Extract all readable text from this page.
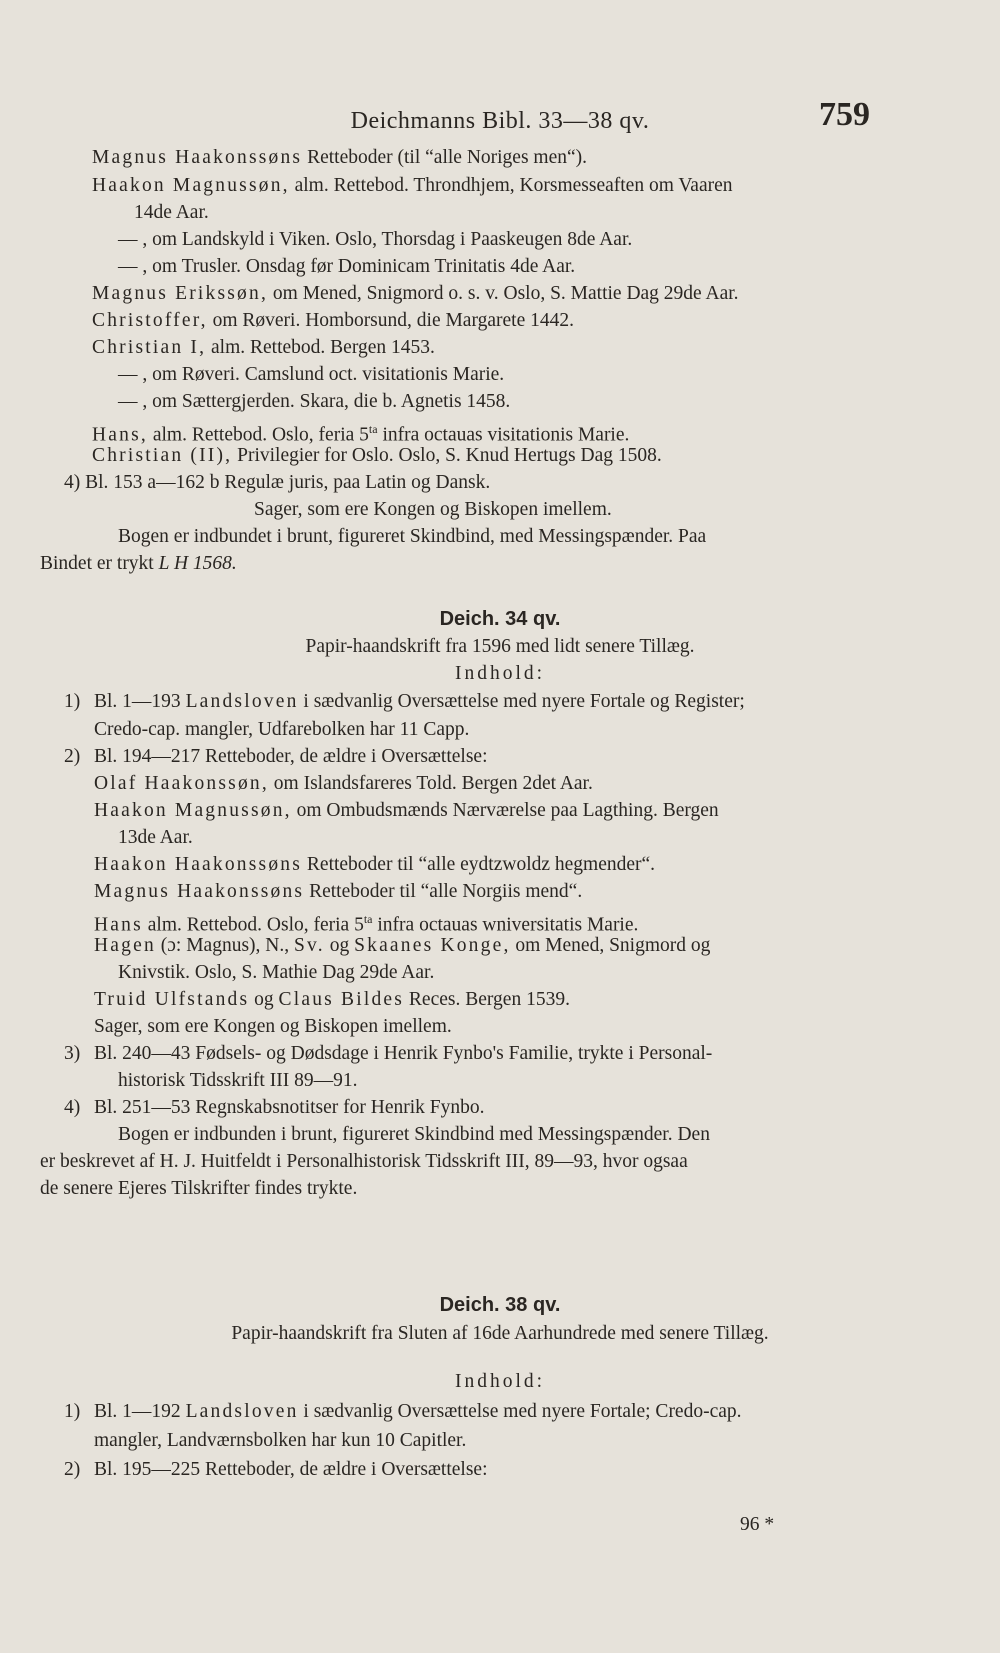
Deichmanns Bibl. 33—38 qv.	759
Magnus Haakonssøns Retteboder (til “alle Noriges men“).
Haakon Magnussøn, alm. Rettebod. Throndhjem, Korsmesseaften om Vaaren
14de Aar.
— , om Landskyld i Viken. Oslo, Thorsdag i Paaskeugen 8de Aar.
— , om Trusler. Onsdag før Dominicam Trinitatis 4de Aar.
Magnus Erikssøn, om Mened, Snigmord o. s. v. Oslo, S. Mattie Dag 29de Aar.
Christoffer, om Røveri. Homborsund, die Margarete 1442.
Christian I, alm. Rettebod. Bergen 1453.
— , om Røveri. Camslund oct. visitationis Marie.
— , om Sættergjerden. Skara, die b. Agnetis 1458.
Hans, alm. Rettebod. Oslo, feria $5^{ta}$ infra octauas visitationis Marie.
Christian (II), Privilegier for Oslo. Oslo, S. Knud Hertugs Dag 1508.
4) Bl. 153 a—162 b Regulæ juris, paa Latin og Dansk.
Sager, som ere Kongen og Biskopen imellem.
Bogen er indbundet i brunt, figureret Skindbind, med Messingspænder. Paa
Bindet er trykt L H 1568.
Deich. 34 qv.
Papir-haandskrift fra 1596 med lidt senere Tillæg.
Indhold:
1) Bl. 1—193 Landsloven i sædvanlig Oversættelse med nyere Fortale og Register;
Credo-cap. mangler, Udfarebolken har 11 Capp.
2) Bl. 194—217 Retteboder, de ældre i Oversættelse:
Olaf Haakonssøn, om Islandsfareres Told. Bergen 2det Aar.
Haakon Magnussøn, om Ombudsmænds Nærværelse paa Lagthing. Bergen
13de Aar.
Haakon Haakonssøns Retteboder til “alle eydtzwoldz hegmender“.
Magnus Haakonssøns Retteboder til “alle Norgiis mend“.
Hans alm. Rettebod. Oslo, feria $5^{ta}$ infra octauas wniversitatis Marie.
Hagen (ɔ: Magnus), N., Sv. og Skaanes Konge, om Mened, Snigmord og
Knivstik. Oslo, S. Mathie Dag 29de Aar.
Truid Ulfstands og Claus Bildes Reces. Bergen 1539.
Sager, som ere Kongen og Biskopen imellem.
3) Bl. 240—43 Fødsels- og Dødsdage i Henrik Fynbo's Familie, trykte i Personal-
historisk Tidsskrift III 89—91.
4) Bl. 251—53 Regnskabsnotitser for Henrik Fynbo.
Bogen er indbunden i brunt, figureret Skindbind med Messingspænder. Den
er beskrevet af H. J. Huitfeldt i Personalhistorisk Tidsskrift III, 89—93, hvor ogsaa
de senere Ejeres Tilskrifter findes trykte.
Deich. 38 qv.
Papir-haandskrift fra Sluten af 16de Aarhundrede med senere Tillæg.
Indhold:
1) Bl. 1—192 Landsloven i sædvanlig Oversættelse med nyere Fortale; Credo-cap.
mangler, Landværnsbolken har kun 10 Capitler.
2) Bl. 195—225 Retteboder, de ældre i Oversættelse:
96 *
